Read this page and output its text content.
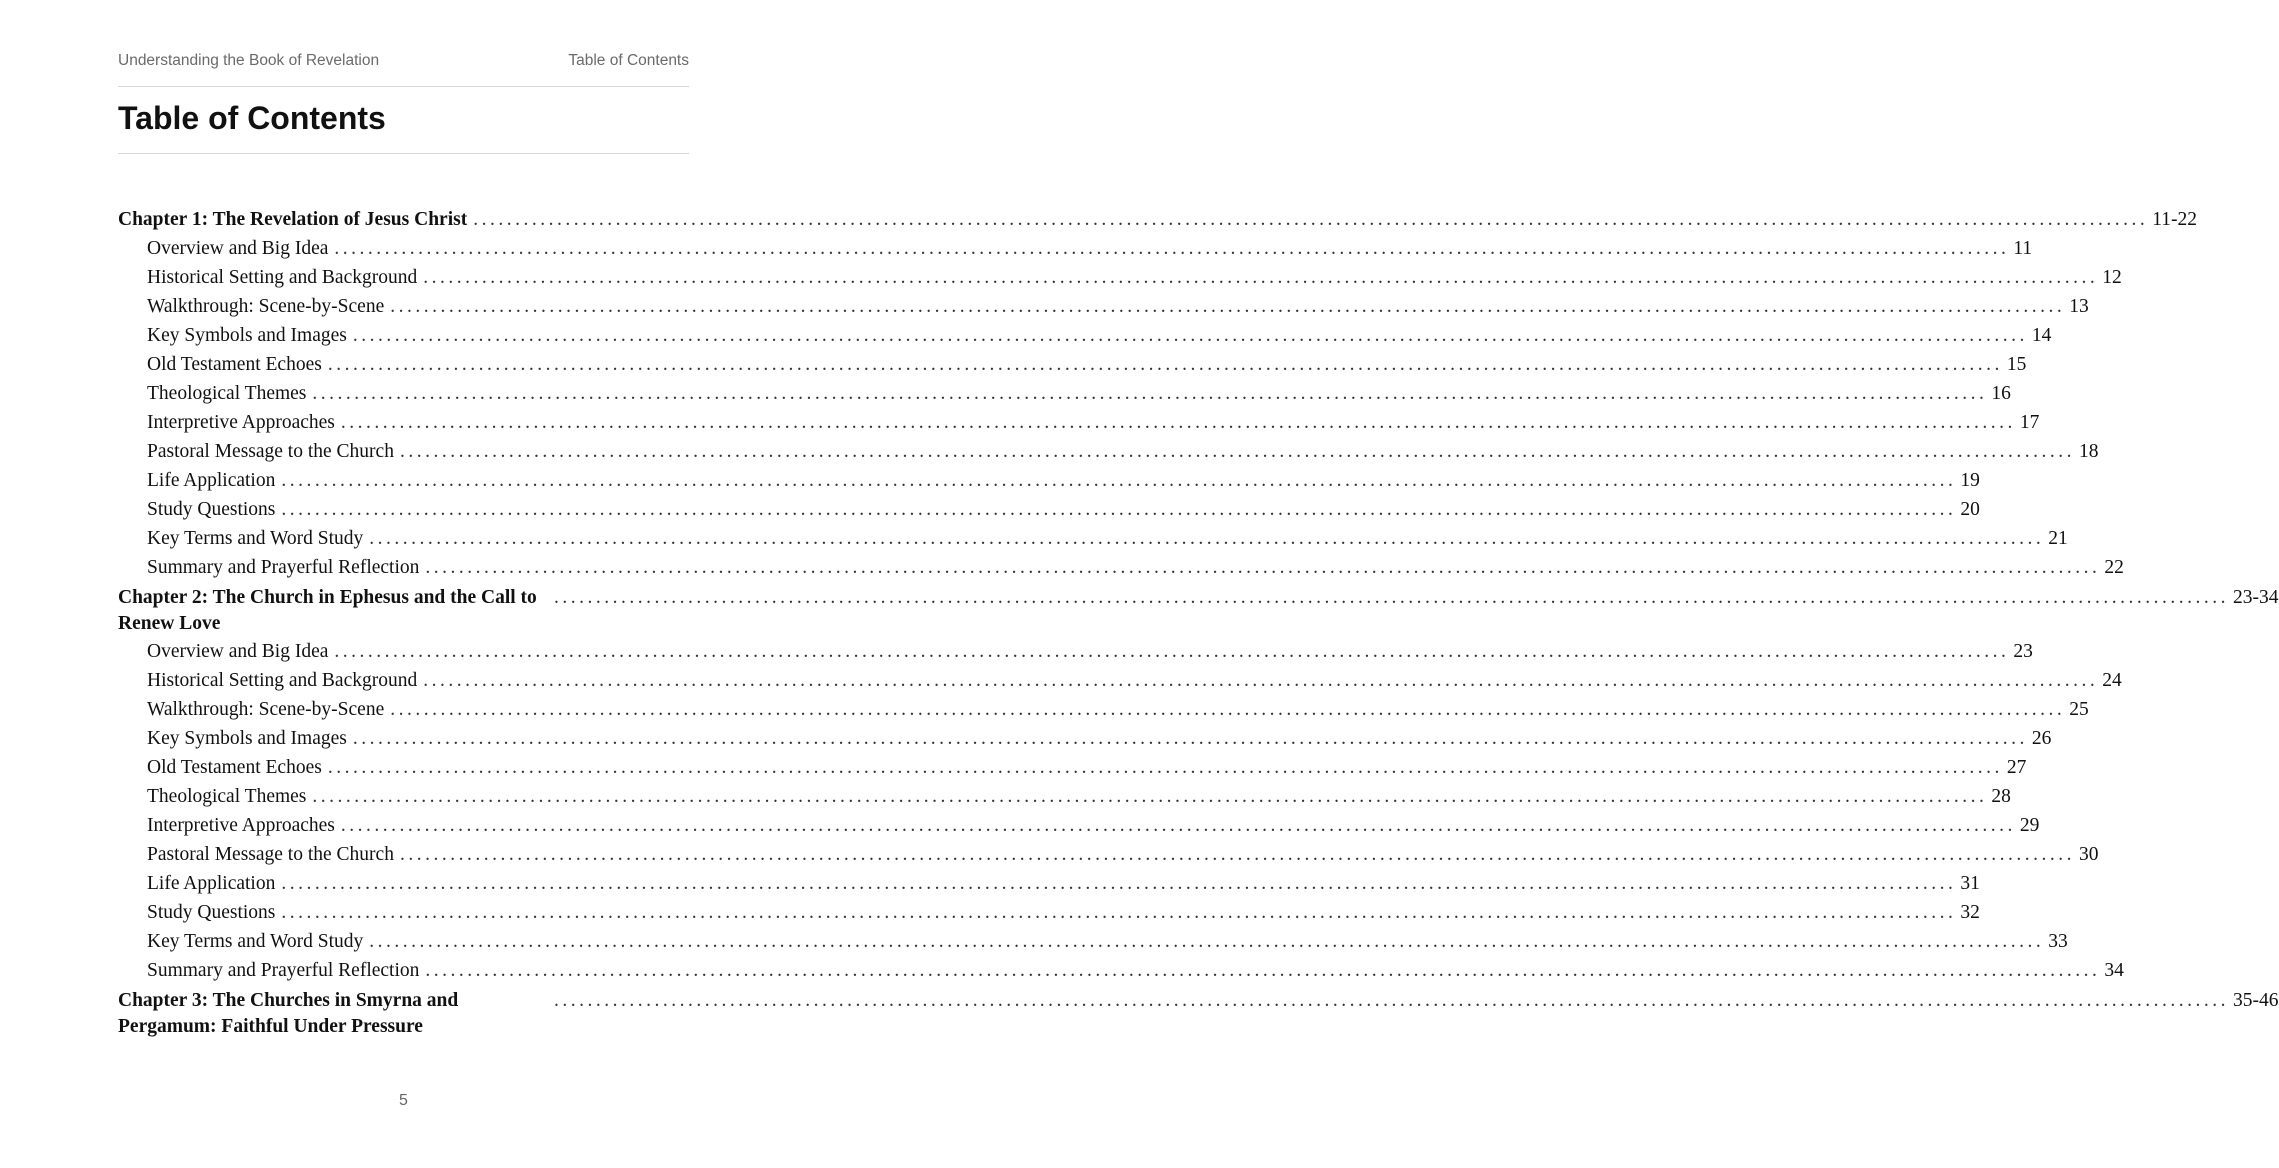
Understanding the Book of Revelation	Table of Contents
Table of Contents
Chapter 1: The Revelation of Jesus Christ ........................................................................................................................................................................................................ 11-22
Overview and Big Idea ........................................................................................................................................................................................................ 11
Historical Setting and Background ........................................................................................................................................................................................................ 12
Walkthrough: Scene-by-Scene ........................................................................................................................................................................................................ 13
Key Symbols and Images ........................................................................................................................................................................................................ 14
Old Testament Echoes ........................................................................................................................................................................................................ 15
Theological Themes ........................................................................................................................................................................................................ 16
Interpretive Approaches ........................................................................................................................................................................................................ 17
Pastoral Message to the Church ........................................................................................................................................................................................................ 18
Life Application ........................................................................................................................................................................................................ 19
Study Questions ........................................................................................................................................................................................................ 20
Key Terms and Word Study ........................................................................................................................................................................................................ 21
Summary and Prayerful Reflection ........................................................................................................................................................................................................ 22
Chapter 2: The Church in Ephesus and the Call to Renew Love
........................................................................................................................................................................................................ 23-34
Overview and Big Idea ........................................................................................................................................................................................................ 23
Historical Setting and Background ........................................................................................................................................................................................................ 24
Walkthrough: Scene-by-Scene ........................................................................................................................................................................................................ 25
Key Symbols and Images ........................................................................................................................................................................................................ 26
Old Testament Echoes ........................................................................................................................................................................................................ 27
Theological Themes ........................................................................................................................................................................................................ 28
Interpretive Approaches ........................................................................................................................................................................................................ 29
Pastoral Message to the Church ........................................................................................................................................................................................................ 30
Life Application ........................................................................................................................................................................................................ 31
Study Questions ........................................................................................................................................................................................................ 32
Key Terms and Word Study ........................................................................................................................................................................................................ 33
Summary and Prayerful Reflection ........................................................................................................................................................................................................ 34
Chapter 3: The Churches in Smyrna and Pergamum: Faithful Under Pressure
........................................................................................................................................................................................................ 35-46
5
